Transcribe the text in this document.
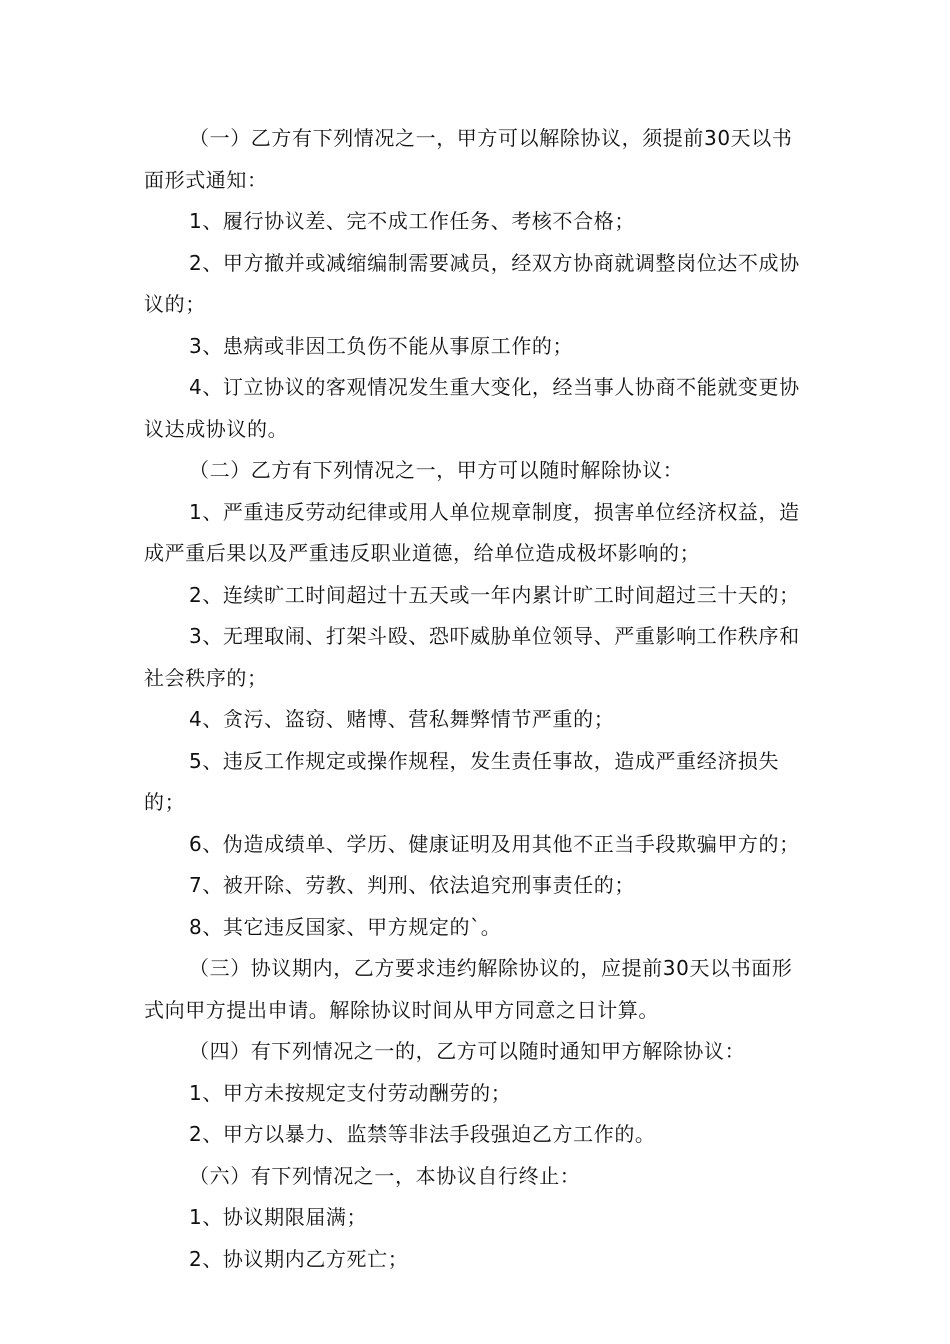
（一）乙方有下列情况之一，甲方可以解除协议，须提前30天以书面形式通知：

1、履行协议差、完不成工作任务、考核不合格；

2、甲方撤并或减缩编制需要减员，经双方协商就调整岗位达不成协议的；

3、患病或非因工负伤不能从事原工作的；

4、订立协议的客观情况发生重大变化，经当事人协商不能就变更协议达成协议的。

（二）乙方有下列情况之一，甲方可以随时解除协议：

1、严重违反劳动纪律或用人单位规章制度，损害单位经济权益，造成严重后果以及严重违反职业道德，给单位造成极坏影响的；

2、连续旷工时间超过十五天或一年内累计旷工时间超过三十天的；

3、无理取闹、打架斗殴、恐吓威胁单位领导、严重影响工作秩序和社会秩序的；

4、贪污、盗窃、赌博、营私舞弊情节严重的；

5、违反工作规定或操作规程，发生责任事故，造成严重经济损失的；

6、伪造成绩单、学历、健康证明及用其他不正当手段欺骗甲方的；

7、被开除、劳教、判刑、依法追究刑事责任的；

8、其它违反国家、甲方规定的`。

（三）协议期内，乙方要求违约解除协议的，应提前30天以书面形式向甲方提出申请。解除协议时间从甲方同意之日计算。

（四）有下列情况之一的，乙方可以随时通知甲方解除协议：

1、甲方未按规定支付劳动酬劳的；

2、甲方以暴力、监禁等非法手段强迫乙方工作的。

（六）有下列情况之一，本协议自行终止：

1、协议期限届满；

2、协议期内乙方死亡；
